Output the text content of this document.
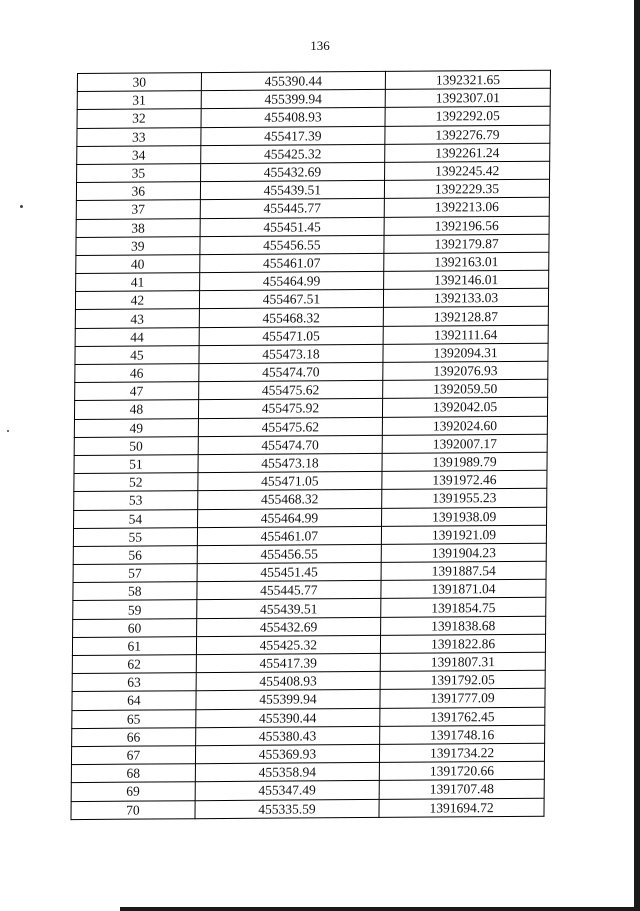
136
30	455390.44	1392321.65
31	455399.94	1392307.01
32	455408.93	1392292.05
33	455417.39	1392276.79
34	455425.32	1392261.24
35	455432.69	1392245.42
36	455439.51	1392229.35
37	455445.77	1392213.06
38	455451.45	1392196.56
39	455456.55	1392179.87
40	455461.07	1392163.01
41	455464.99	1392146.01
42	455467.51	1392133.03
43	455468.32	1392128.87
44	455471.05	1392111.64
45	455473.18	1392094.31
46	455474.70	1392076.93
47	455475.62	1392059.50
48	455475.92	1392042.05
49	455475.62	1392024.60
50	455474.70	1392007.17
51	455473.18	1391989.79
52	455471.05	1391972.46
53	455468.32	1391955.23
54	455464.99	1391938.09
55	455461.07	1391921.09
56	455456.55	1391904.23
57	455451.45	1391887.54
58	455445.77	1391871.04
59	455439.51	1391854.75
60	455432.69	1391838.68
61	455425.32	1391822.86
62	455417.39	1391807.31
63	455408.93	1391792.05
64	455399.94	1391777.09
65	455390.44	1391762.45
66	455380.43	1391748.16
67	455369.93	1391734.22
68	455358.94	1391720.66
69	455347.49	1391707.48
70	455335.59	1391694.72
